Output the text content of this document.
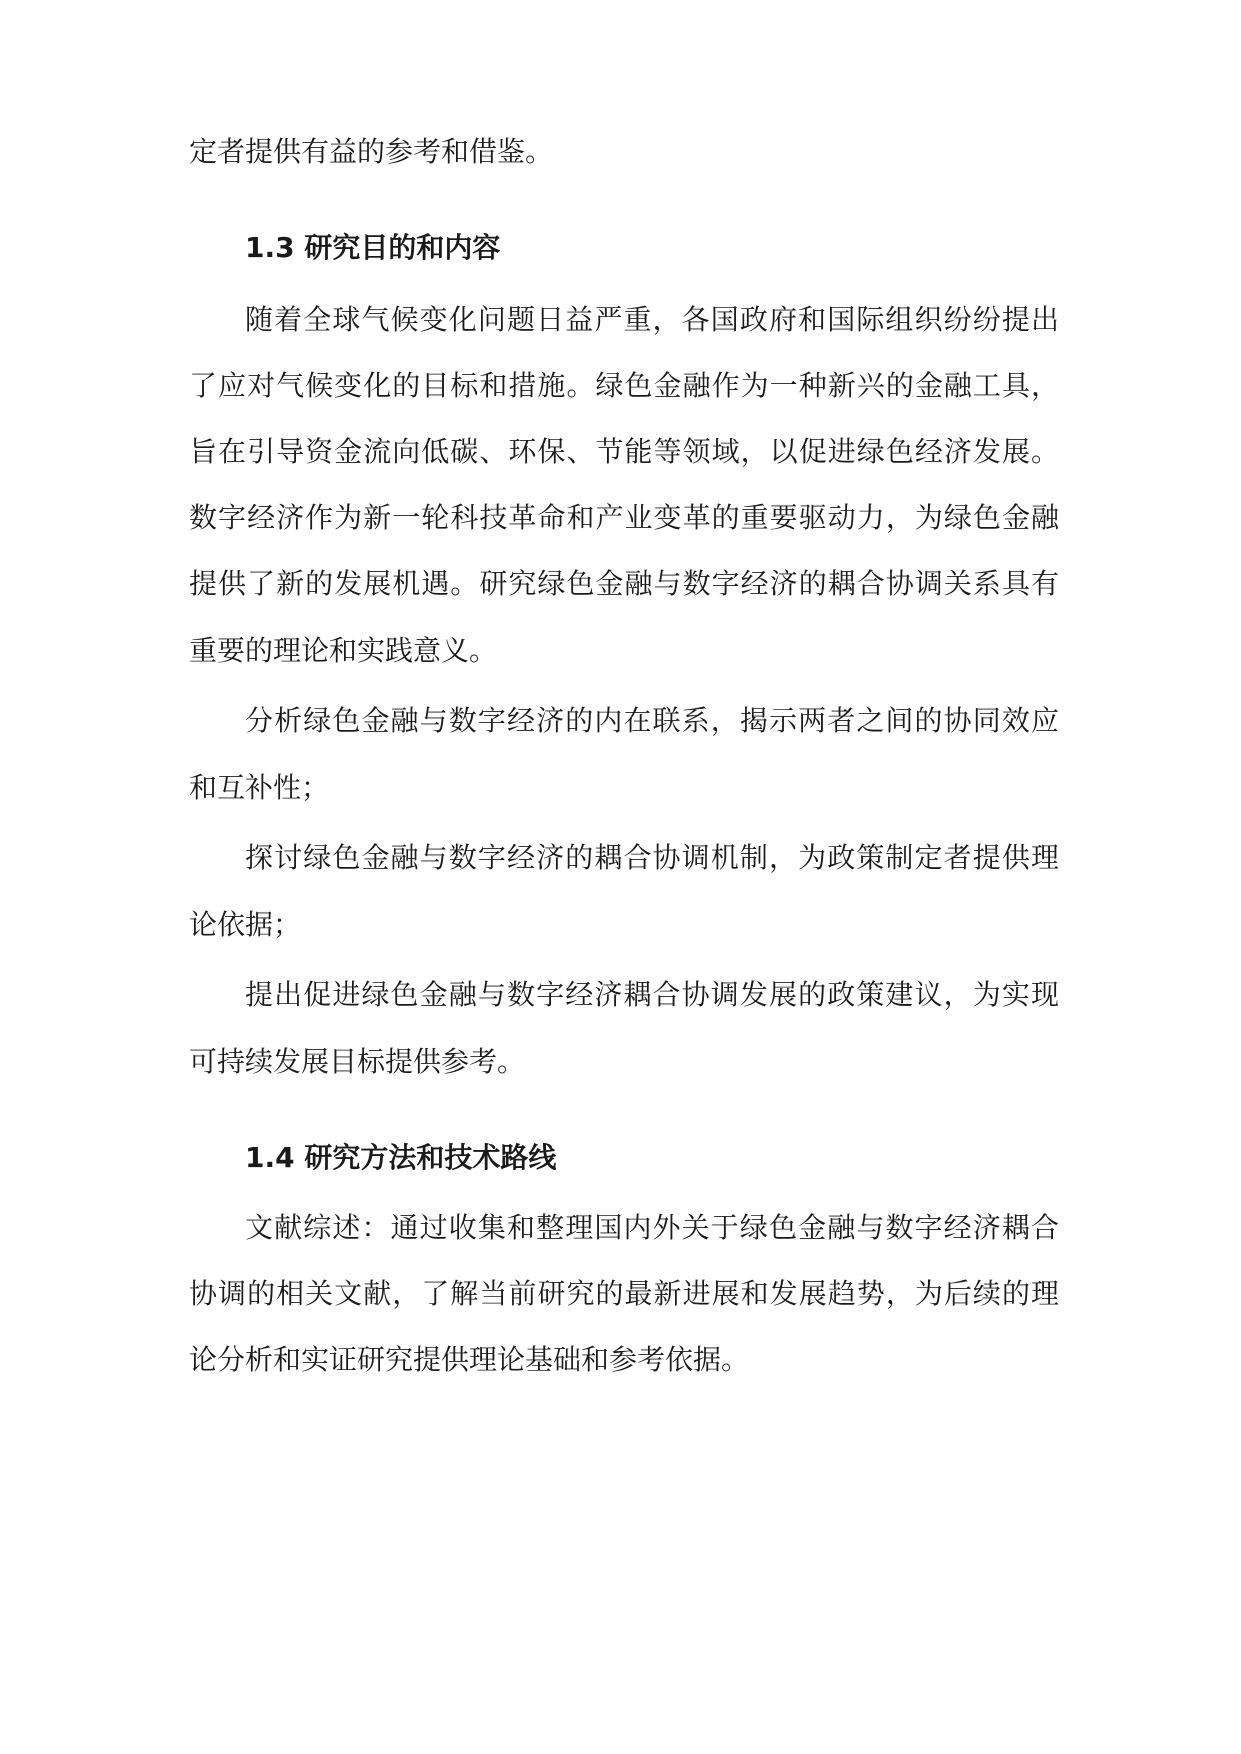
定者提供有益的参考和借鉴。
1.3 研究目的和内容
随着全球气候变化问题日益严重，各国政府和国际组织纷纷提出
了应对气候变化的目标和措施。绿色金融作为一种新兴的金融工具，
旨在引导资金流向低碳、环保、节能等领域，以促进绿色经济发展。
数字经济作为新一轮科技革命和产业变革的重要驱动力，为绿色金融
提供了新的发展机遇。研究绿色金融与数字经济的耦合协调关系具有
重要的理论和实践意义。
分析绿色金融与数字经济的内在联系，揭示两者之间的协同效应
和互补性；
探讨绿色金融与数字经济的耦合协调机制，为政策制定者提供理
论依据；
提出促进绿色金融与数字经济耦合协调发展的政策建议，为实现
可持续发展目标提供参考。
1.4 研究方法和技术路线
文献综述：通过收集和整理国内外关于绿色金融与数字经济耦合
协调的相关文献，了解当前研究的最新进展和发展趋势，为后续的理
论分析和实证研究提供理论基础和参考依据。
